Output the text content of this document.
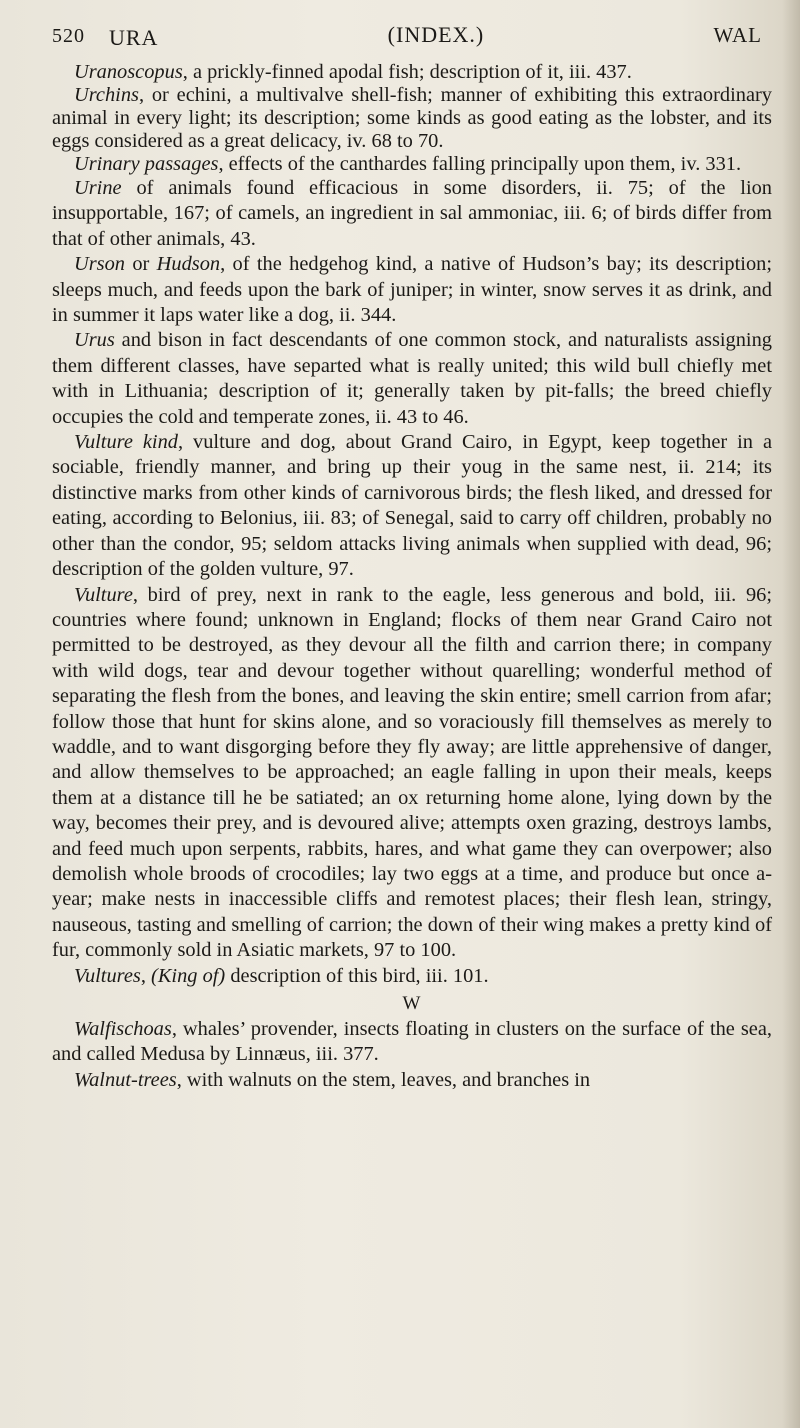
520 URA	(INDEX.)	WAL

Uranoscopus, a prickly-finned apodal fish; description of it, iii. 437.

Urchins, or echini, a multivalve shell-fish; manner of exhibiting this extraordinary animal in every light; its description; some kinds as good eating as the lobster, and its eggs considered as a great delicacy, iv. 68 to 70.

Urinary passages, effects of the canthardes falling principally upon them, iv. 331.

Urine of animals found efficacious in some disorders, ii. 75; of the lion insupportable, 167; of camels, an ingredient in sal ammoniac, iii. 6; of birds differ from that of other animals, 43.

Urson or Hudson, of the hedgehog kind, a native of Hudson’s bay; its description; sleeps much, and feeds upon the bark of juniper; in winter, snow serves it as drink, and in summer it laps water like a dog, ii. 344.

Urus and bison in fact descendants of one common stock, and naturalists assigning them different classes, have separted what is really united; this wild bull chiefly met with in Lithuania; description of it; generally taken by pit-falls; the breed chiefly occupies the cold and temperate zones, ii. 43 to 46.

Vulture kind, vulture and dog, about Grand Cairo, in Egypt, keep together in a sociable, friendly manner, and bring up their youg in the same nest, ii. 214; its distinctive marks from other kinds of carnivorous birds; the flesh liked, and dressed for eating, according to Belonius, iii. 83; of Senegal, said to carry off children, probably no other than the condor, 95; seldom attacks living animals when supplied with dead, 96; description of the golden vulture, 97.

Vulture, bird of prey, next in rank to the eagle, less generous and bold, iii. 96; countries where found; unknown in England; flocks of them near Grand Cairo not permitted to be destroyed, as they devour all the filth and carrion there; in company with wild dogs, tear and devour together without quarelling; wonderful method of separating the flesh from the bones, and leaving the skin entire; smell carrion from afar; follow those that hunt for skins alone, and so voraciously fill themselves as merely to waddle, and to want disgorging before they fly away; are little apprehensive of danger, and allow themselves to be approached; an eagle falling in upon their meals, keeps them at a distance till he be satiated; an ox returning home alone, lying down by the way, becomes their prey, and is devoured alive; attempts oxen grazing, destroys lambs, and feed much upon serpents, rabbits, hares, and what game they can overpower; also demolish whole broods of crocodiles; lay two eggs at a time, and produce but once a-year; make nests in inaccessible cliffs and remotest places; their flesh lean, stringy, nauseous, tasting and smelling of carrion; the down of their wing makes a pretty kind of fur, commonly sold in Asiatic markets, 97 to 100.

Vultures, (King of) description of this bird, iii. 101.

W

Walfischoas, whales’ provender, insects floating in clusters on the surface of the sea, and called Medusa by Linnæus, iii. 377.

Walnut-trees, with walnuts on the stem, leaves, and branches in
